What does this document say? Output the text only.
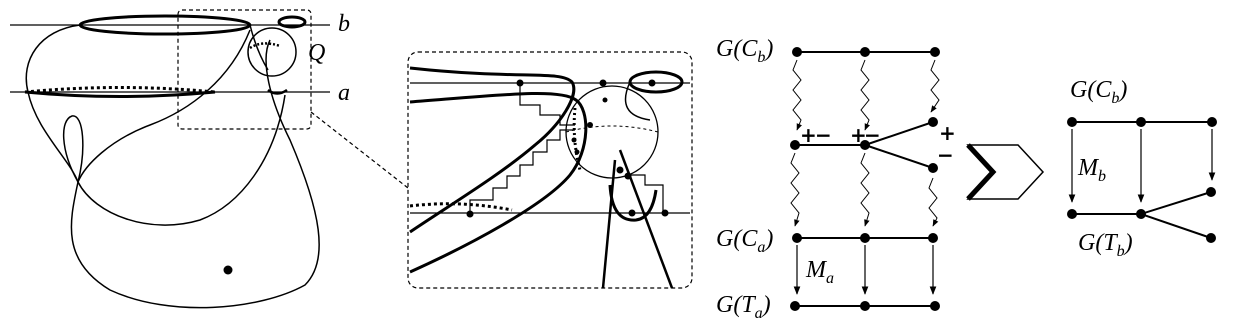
b
a
Q
+
− +
−	+
−
$G(C_b)$
$G(C_a)$
$G(T_a)$
$M_a$
$G(C_b)$
$G(T_b)$
$M_b$
